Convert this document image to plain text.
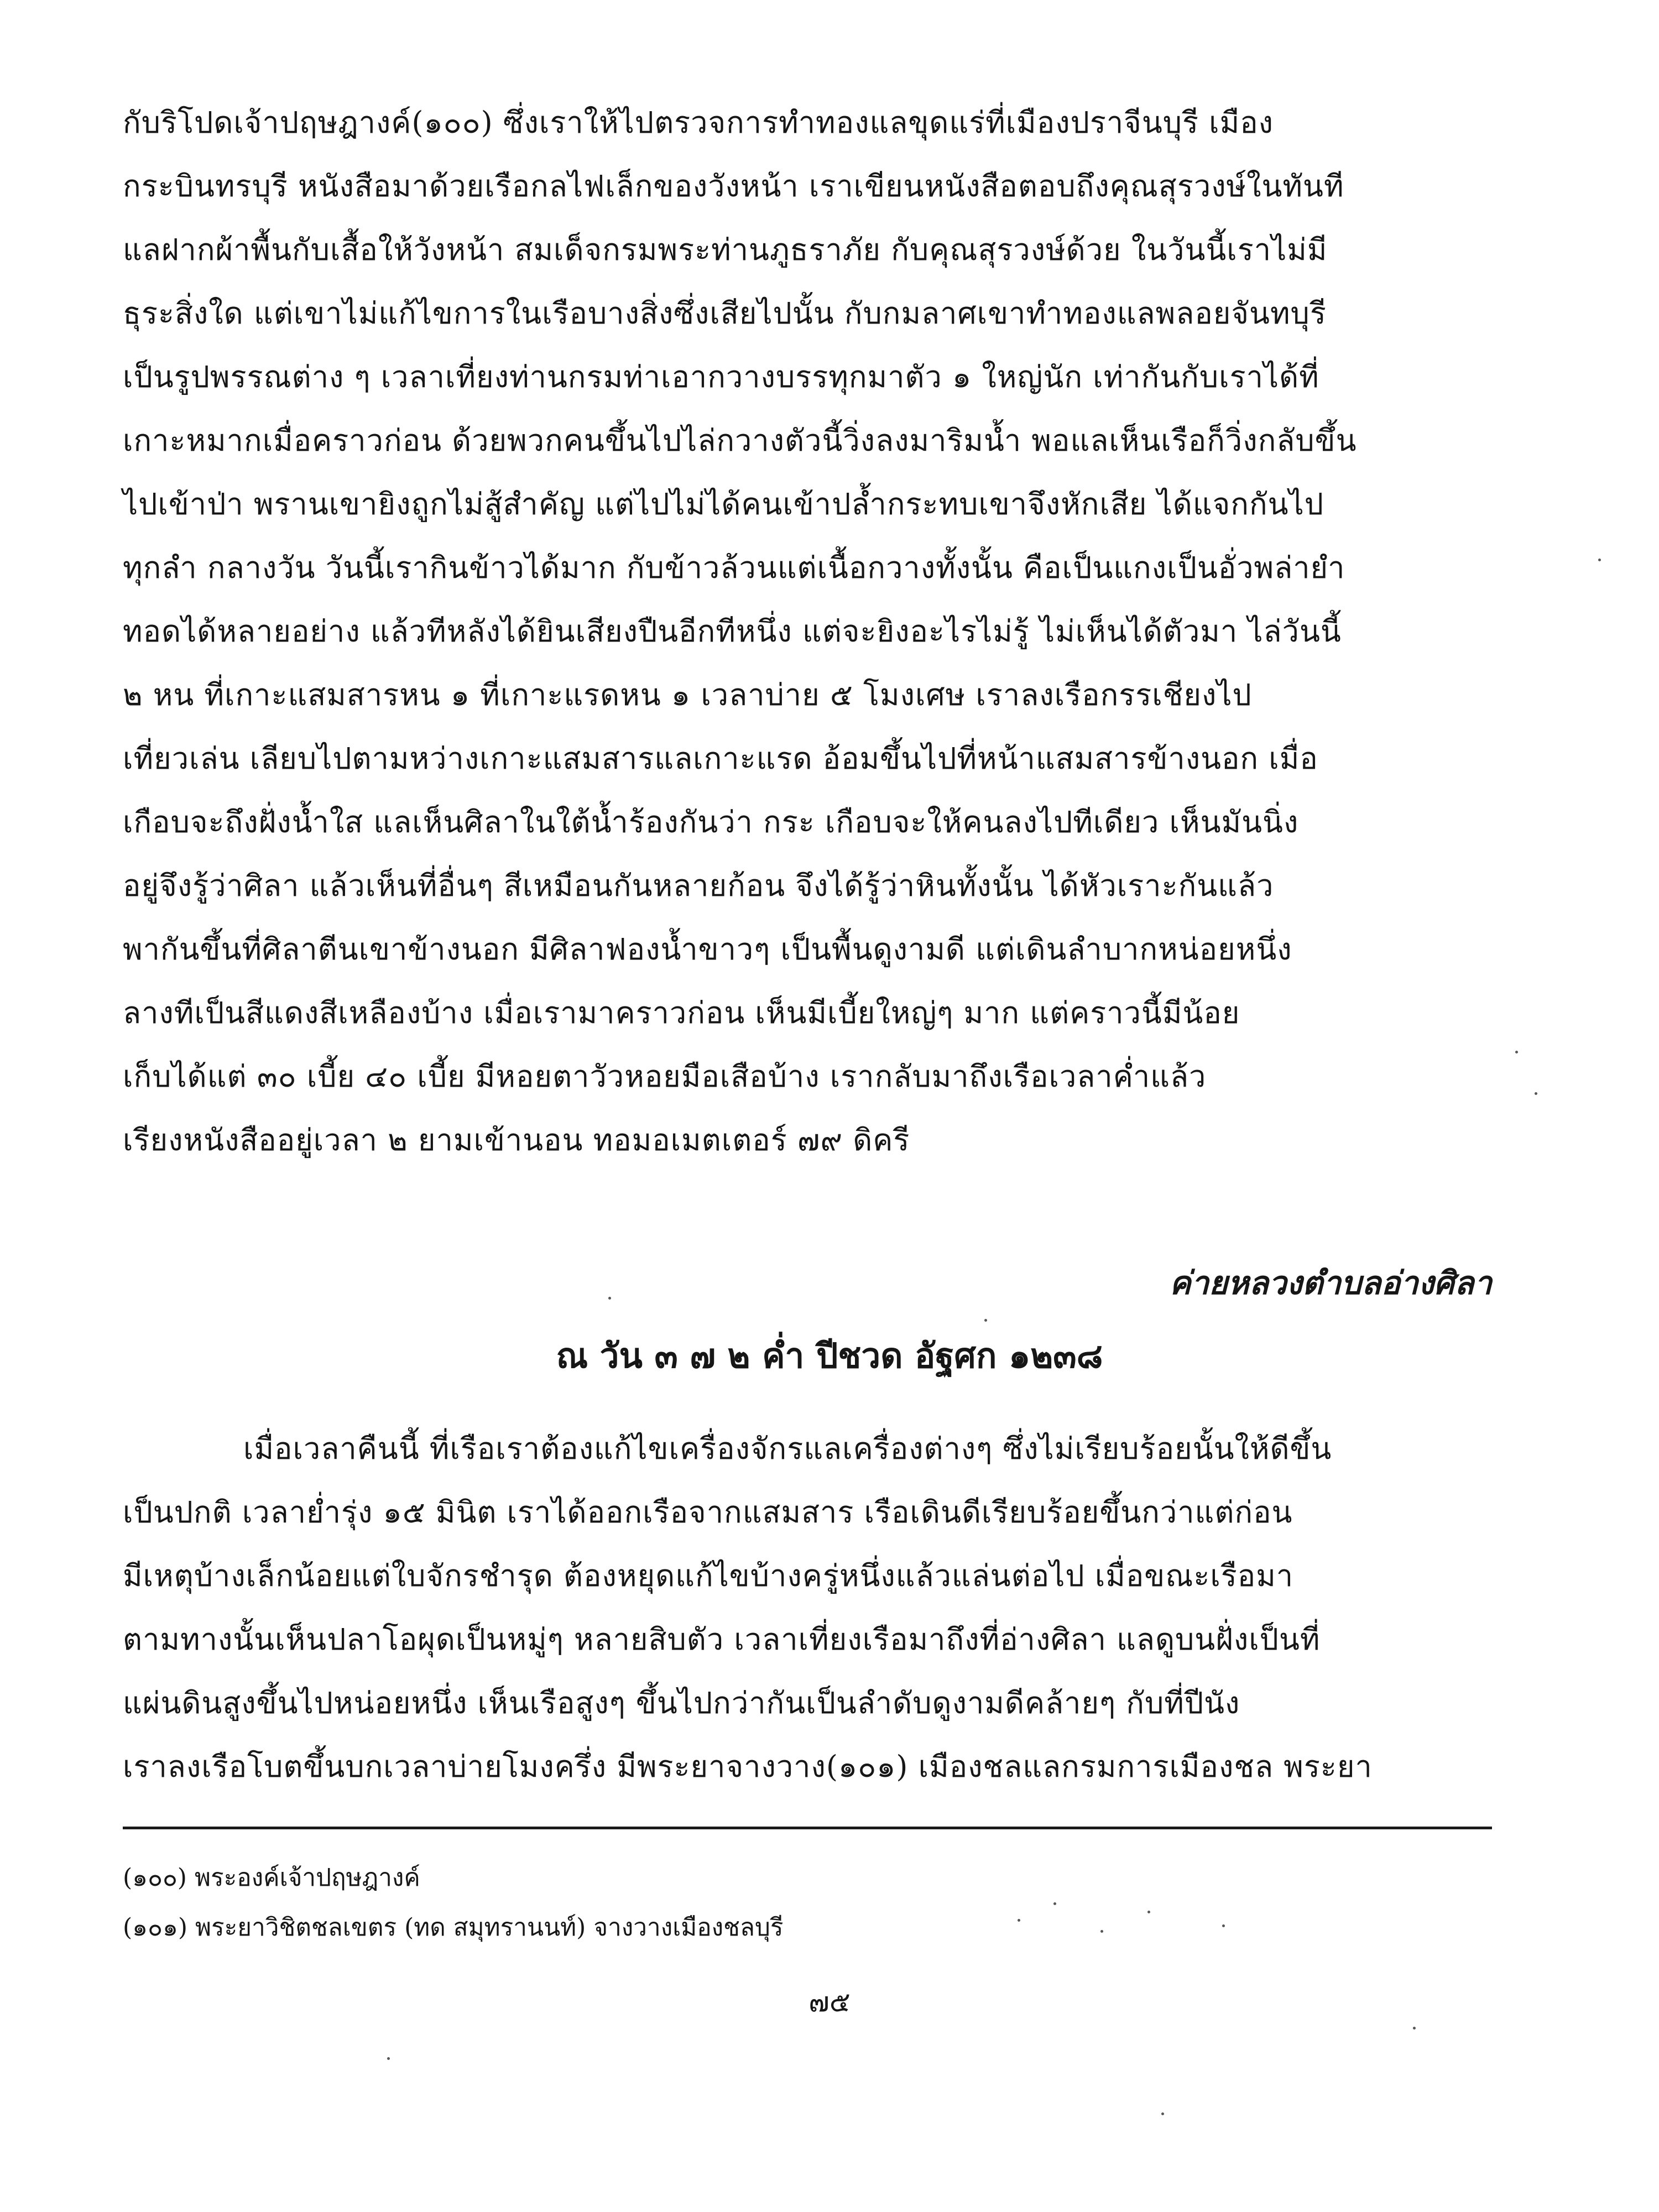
กับริโปดเจ้าปฤษฎางค์(๑๐๐) ซึ่งเราให้ไปตรวจการทำทองแลขุดแร่ที่เมืองปราจีนบุรี เมือง
กระบินทรบุรี หนังสือมาด้วยเรือกลไฟเล็กของวังหน้า เราเขียนหนังสือตอบถึงคุณสุรวงษ์ในทันที
แลฝากผ้าพื้นกับเสื้อให้วังหน้า สมเด็จกรมพระท่านภูธราภัย กับคุณสุรวงษ์ด้วย ในวันนี้เราไม่มี
ธุระสิ่งใด แต่เขาไม่แก้ไขการในเรือบางสิ่งซึ่งเสียไปนั้น กับกมลาศเขาทำทองแลพลอยจันทบุรี
เป็นรูปพรรณต่าง ๆ เวลาเที่ยงท่านกรมท่าเอากวางบรรทุกมาตัว ๑ ใหญ่นัก เท่ากันกับเราได้ที่
เกาะหมากเมื่อคราวก่อน ด้วยพวกคนขึ้นไปไล่กวางตัวนี้วิ่งลงมาริมน้ำ พอแลเห็นเรือก็วิ่งกลับขึ้น
ไปเข้าป่า พรานเขายิงถูกไม่สู้สำคัญ แต่ไปไม่ได้คนเข้าปล้ำกระทบเขาจึงหักเสีย ได้แจกกันไป
ทุกลำ กลางวัน วันนี้เรากินข้าวได้มาก กับข้าวล้วนแต่เนื้อกวางทั้งนั้น คือเป็นแกงเป็นอั่วพล่ายำ
ทอดได้หลายอย่าง แล้วทีหลังได้ยินเสียงปืนอีกทีหนึ่ง แต่จะยิงอะไรไม่รู้ ไม่เห็นได้ตัวมา ไล่วันนี้
๒ หน ที่เกาะแสมสารหน ๑ ที่เกาะแรดหน ๑ เวลาบ่าย ๕ โมงเศษ เราลงเรือกรรเชียงไป
เที่ยวเล่น เลียบไปตามหว่างเกาะแสมสารแลเกาะแรด อ้อมขึ้นไปที่หน้าแสมสารข้างนอก เมื่อ
เกือบจะถึงฝั่งน้ำใส แลเห็นศิลาในใต้น้ำร้องกันว่า กระ เกือบจะให้คนลงไปทีเดียว เห็นมันนิ่ง
อยู่จึงรู้ว่าศิลา แล้วเห็นที่อื่นๆ สีเหมือนกันหลายก้อน จึงได้รู้ว่าหินทั้งนั้น ได้หัวเราะกันแล้ว
พากันขึ้นที่ศิลาตีนเขาข้างนอก มีศิลาฟองน้ำขาวๆ เป็นพื้นดูงามดี แต่เดินลำบากหน่อยหนึ่ง
ลางทีเป็นสีแดงสีเหลืองบ้าง เมื่อเรามาคราวก่อน เห็นมีเบี้ยใหญ่ๆ มาก แต่คราวนี้มีน้อย
เก็บได้แต่ ๓๐ เบี้ย ๔๐ เบี้ย มีหอยตาวัวหอยมือเสือบ้าง เรากลับมาถึงเรือเวลาค่ำแล้ว
เรียงหนังสืออยู่เวลา ๒ ยามเข้านอน ทอมอเมตเตอร์ ๗๙ ดิครี
ค่ายหลวงตำบลอ่างศิลา
ณ วัน ๓ ๗ ๒ ค่ำ ปีชวด อัฐศก ๑๒๓๘
เมื่อเวลาคืนนี้ ที่เรือเราต้องแก้ไขเครื่องจักรแลเครื่องต่างๆ ซึ่งไม่เรียบร้อยนั้นให้ดีขึ้น
เป็นปกติ เวลาย่ำรุ่ง ๑๕ มินิต เราได้ออกเรือจากแสมสาร เรือเดินดีเรียบร้อยขึ้นกว่าแต่ก่อน
มีเหตุบ้างเล็กน้อยแต่ใบจักรชำรุด ต้องหยุดแก้ไขบ้างครู่หนึ่งแล้วแล่นต่อไป เมื่อขณะเรือมา
ตามทางนั้นเห็นปลาโอผุดเป็นหมู่ๆ หลายสิบตัว เวลาเที่ยงเรือมาถึงที่อ่างศิลา แลดูบนฝั่งเป็นที่
แผ่นดินสูงขึ้นไปหน่อยหนึ่ง เห็นเรือสูงๆ ขึ้นไปกว่ากันเป็นลำดับดูงามดีคล้ายๆ กับที่ปีนัง
เราลงเรือโบตขึ้นบกเวลาบ่ายโมงครึ่ง มีพระยาจางวาง(๑๐๑) เมืองชลแลกรมการเมืองชล พระยา
(๑๐๐) พระองค์เจ้าปฤษฎางค์
(๑๐๑) พระยาวิชิตชลเขตร (ทด สมุทรานนท์) จางวางเมืองชลบุรี
๗๕
